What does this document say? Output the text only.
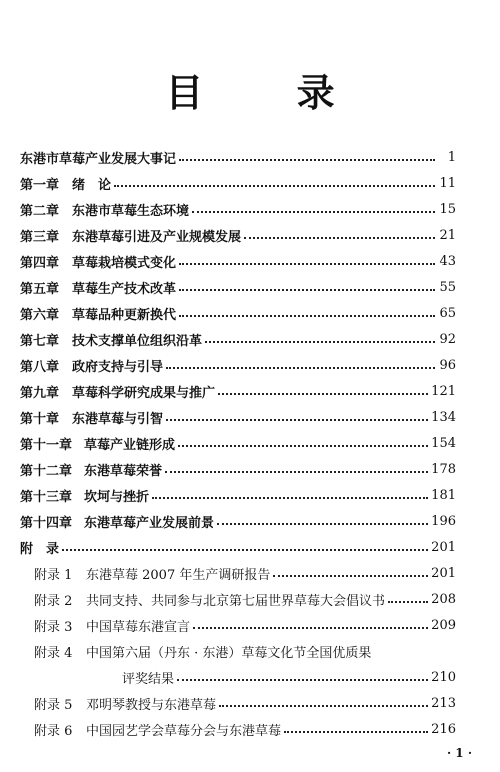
目 录
东港市草莓产业发展大事记	1
第一章 绪　论	11
第二章 东港市草莓生态环境	15
第三章 东港草莓引进及产业规模发展	21
第四章 草莓栽培模式变化	43
第五章 草莓生产技术改革	55
第六章 草莓品种更新换代	65
第七章 技术支撑单位组织沿革	92
第八章 政府支持与引导	96
第九章 草莓科学研究成果与推广	121
第十章 东港草莓与引智	134
第十一章 草莓产业链形成	154
第十二章 东港草莓荣誉	178
第十三章 坎坷与挫折	181
第十四章 东港草莓产业发展前景	196
附　录	201
附录 1	东港草莓 2007 年生产调研报告	201
附录 2	共同支持、共同参与北京第七届世界草莓大会倡议书	208
附录 3	中国草莓东港宣言	209
附录 4	中国第六届（丹东 · 东港）草莓文化节全国优质果
评奖结果	210
附录 5	邓明琴教授与东港草莓	213
附录 6	中国园艺学会草莓分会与东港草莓	216
· 1 ·
